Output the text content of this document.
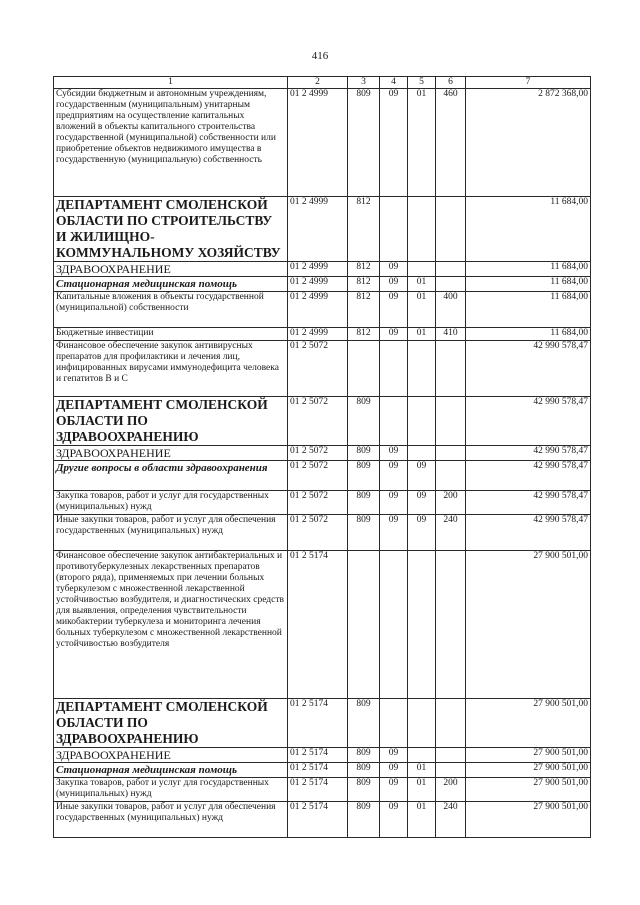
416
1	2	3	4	5	6	7
Субсидии бюджетным и автономным учреждениям, государственным (муниципальным) унитарным предприятиям на осуществление капитальных вложений в объекты капитального строительства государственной (муниципальной) собственности или приобретение объектов недвижимого имущества в государственную (муниципальную) собственность	01 2 4999	809	09	01	460	2 872 368,00
ДЕПАРТАМЕНТ СМОЛЕНСКОЙ ОБЛАСТИ ПО СТРОИТЕЛЬСТВУ И ЖИЛИЩНО-КОММУНАЛЬНОМУ ХОЗЯЙСТВУ	01 2 4999	812				11 684,00
ЗДРАВООХРАНЕНИЕ	01 2 4999	812	09			11 684,00
Стационарная медицинская помощь	01 2 4999	812	09	01		11 684,00
Капитальные вложения в объекты государственной (муниципальной) собственности	01 2 4999	812	09	01	400	11 684,00
Бюджетные инвестиции	01 2 4999	812	09	01	410	11 684,00
Финансовое обеспечение закупок антивирусных препаратов для профилактики и лечения лиц, инфицированных вирусами иммунодефицита человека и гепатитов В и С	01 2 5072					42 990 578,47
ДЕПАРТАМЕНТ СМОЛЕНСКОЙ ОБЛАСТИ ПО ЗДРАВООХРАНЕНИЮ	01 2 5072	809				42 990 578,47
ЗДРАВООХРАНЕНИЕ	01 2 5072	809	09			42 990 578,47
Другие вопросы в области здравоохранения	01 2 5072	809	09	09		42 990 578,47
Закупка товаров, работ и услуг для государственных (муниципальных) нужд	01 2 5072	809	09	09	200	42 990 578,47
Иные закупки товаров, работ и услуг для обеспечения государственных (муниципальных) нужд	01 2 5072	809	09	09	240	42 990 578,47
Финансовое обеспечение закупок антибактериальных и противотуберкулезных лекарственных препаратов (второго ряда), применяемых при лечении больных туберкулезом с множественной лекарственной устойчивостью возбудителя, и диагностических средств для выявления, определения чувствительности микобактерии туберкулеза и мониторинга лечения больных туберкулезом с множественной лекарственной устойчивостью возбудителя	01 2 5174					27 900 501,00
ДЕПАРТАМЕНТ СМОЛЕНСКОЙ ОБЛАСТИ ПО ЗДРАВООХРАНЕНИЮ	01 2 5174	809				27 900 501,00
ЗДРАВООХРАНЕНИЕ	01 2 5174	809	09			27 900 501,00
Стационарная медицинская помощь	01 2 5174	809	09	01		27 900 501,00
Закупка товаров, работ и услуг для государственных (муниципальных) нужд	01 2 5174	809	09	01	200	27 900 501,00
Иные закупки товаров, работ и услуг для обеспечения государственных (муниципальных) нужд	01 2 5174	809	09	01	240	27 900 501,00
